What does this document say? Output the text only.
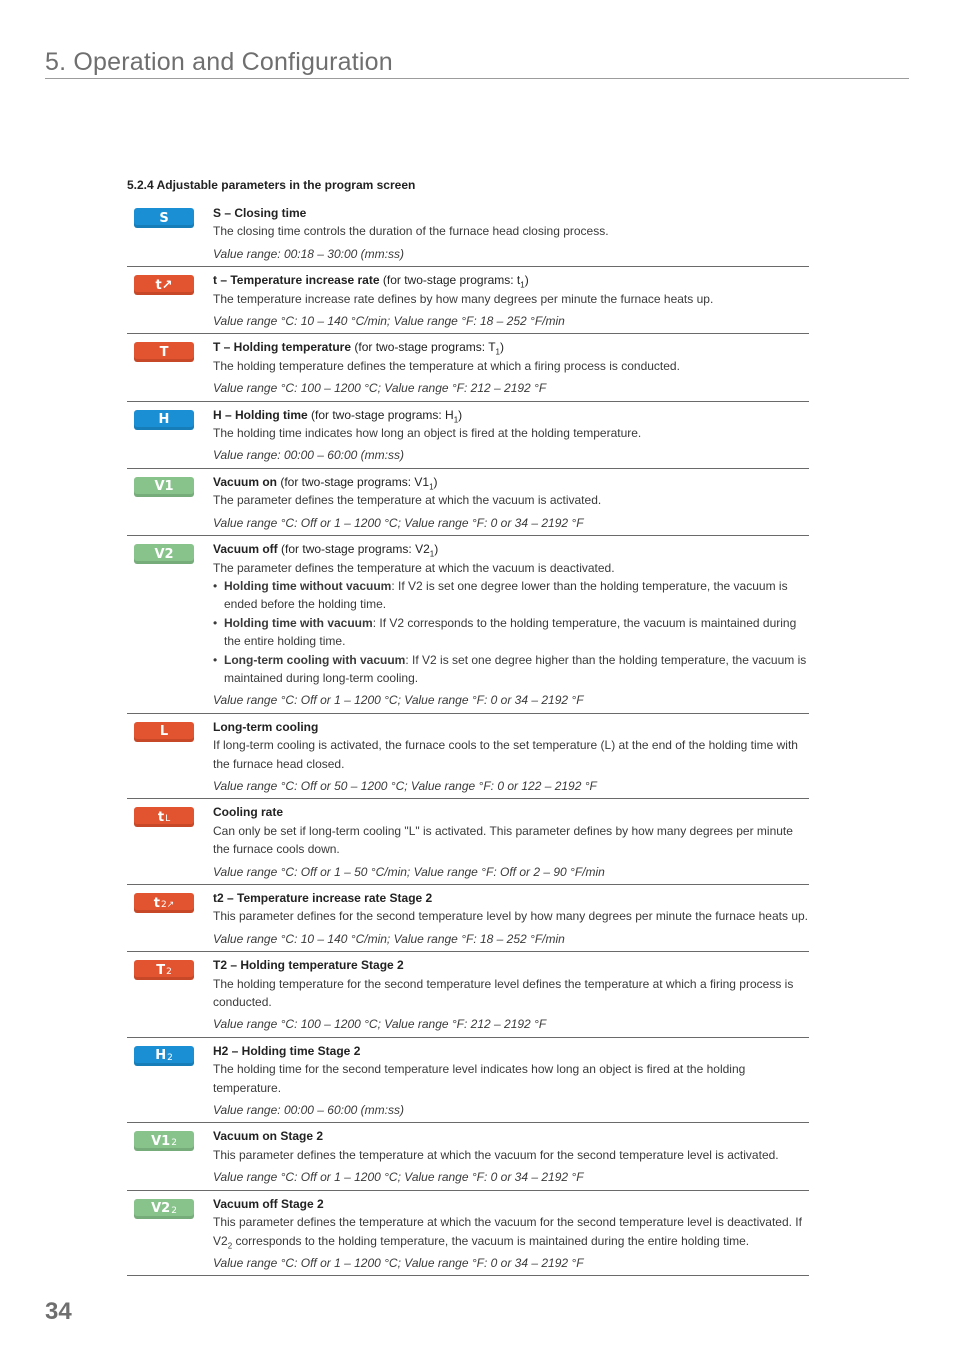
5. Operation and Configuration
5.2.4 Adjustable parameters in the program screen
S	S – Closing time
The closing time controls the duration of the furnace head closing process.
Value range: 00:18 – 30:00 (mm:ss)
t↗	t – Temperature increase rate (for two-stage programs: $t_1$)
The temperature increase rate defines by how many degrees per minute the furnace heats up.
Value range °C: 10 – 140 °C/min; Value range °F: 18 – 252 °F/min
T	T – Holding temperature (for two-stage programs: $T_1$)
The holding temperature defines the temperature at which a firing process is conducted.
Value range °C: 100 – 1200 °C; Value range °F: 212 – 2192 °F
H	H – Holding time (for two-stage programs: $H_1$)
The holding time indicates how long an object is fired at the holding temperature.
Value range: 00:00 – 60:00 (mm:ss)
V1	Vacuum on (for two-stage programs: $V1_1$)
The parameter defines the temperature at which the vacuum is activated.
Value range °C: Off or 1 – 1200 °C; Value range °F: 0 or 34 – 2192 °F
V2	Vacuum off (for two-stage programs: $V2_1$)
The parameter defines the temperature at which the vacuum is deactivated.
• Holding time without vacuum: If V2 is set one degree lower than the holding temperature, the vacuum is ended before the holding time.
• Holding time with vacuum: If V2 corresponds to the holding temperature, the vacuum is maintained during the entire holding time.
• Long-term cooling with vacuum: If V2 is set one degree higher than the holding temperature, the vacuum is maintained during long-term cooling.
Value range °C: Off or 1 – 1200 °C; Value range °F: 0 or 34 – 2192 °F
L	Long-term cooling
If long-term cooling is activated, the furnace cools to the set temperature (L) at the end of the holding time with the furnace head closed.
Value range °C: Off or 50 – 1200 °C; Value range °F: 0 or 122 – 2192 °F
t L	Cooling rate
Can only be set if long-term cooling "L" is activated. This parameter defines by how many degrees per minute the furnace cools down.
Value range °C: Off or 1 – 50 °C/min; Value range °F: Off or 2 – 90 °F/min
t 2↗	t2 – Temperature increase rate Stage 2
This parameter defines for the second temperature level by how many degrees per minute the furnace heats up.
Value range °C: 10 – 140 °C/min; Value range °F: 18 – 252 °F/min
T 2	T2 – Holding temperature Stage 2
The holding temperature for the second temperature level defines the temperature at which a firing process is conducted.
Value range °C: 100 – 1200 °C; Value range °F: 212 – 2192 °F
H 2	H2 – Holding time Stage 2
The holding time for the second temperature level indicates how long an object is fired at the holding temperature.
Value range: 00:00 – 60:00 (mm:ss)
V1 2	Vacuum on Stage 2
This parameter defines the temperature at which the vacuum for the second temperature level is activated.
Value range °C: Off or 1 – 1200 °C; Value range °F: 0 or 34 – 2192 °F
V2 2	Vacuum off Stage 2
This parameter defines the temperature at which the vacuum for the second temperature level is deactivated. If $V2_2$ corresponds to the holding temperature, the vacuum is maintained during the entire holding time.
Value range °C: Off or 1 – 1200 °C; Value range °F: 0 or 34 – 2192 °F
34
